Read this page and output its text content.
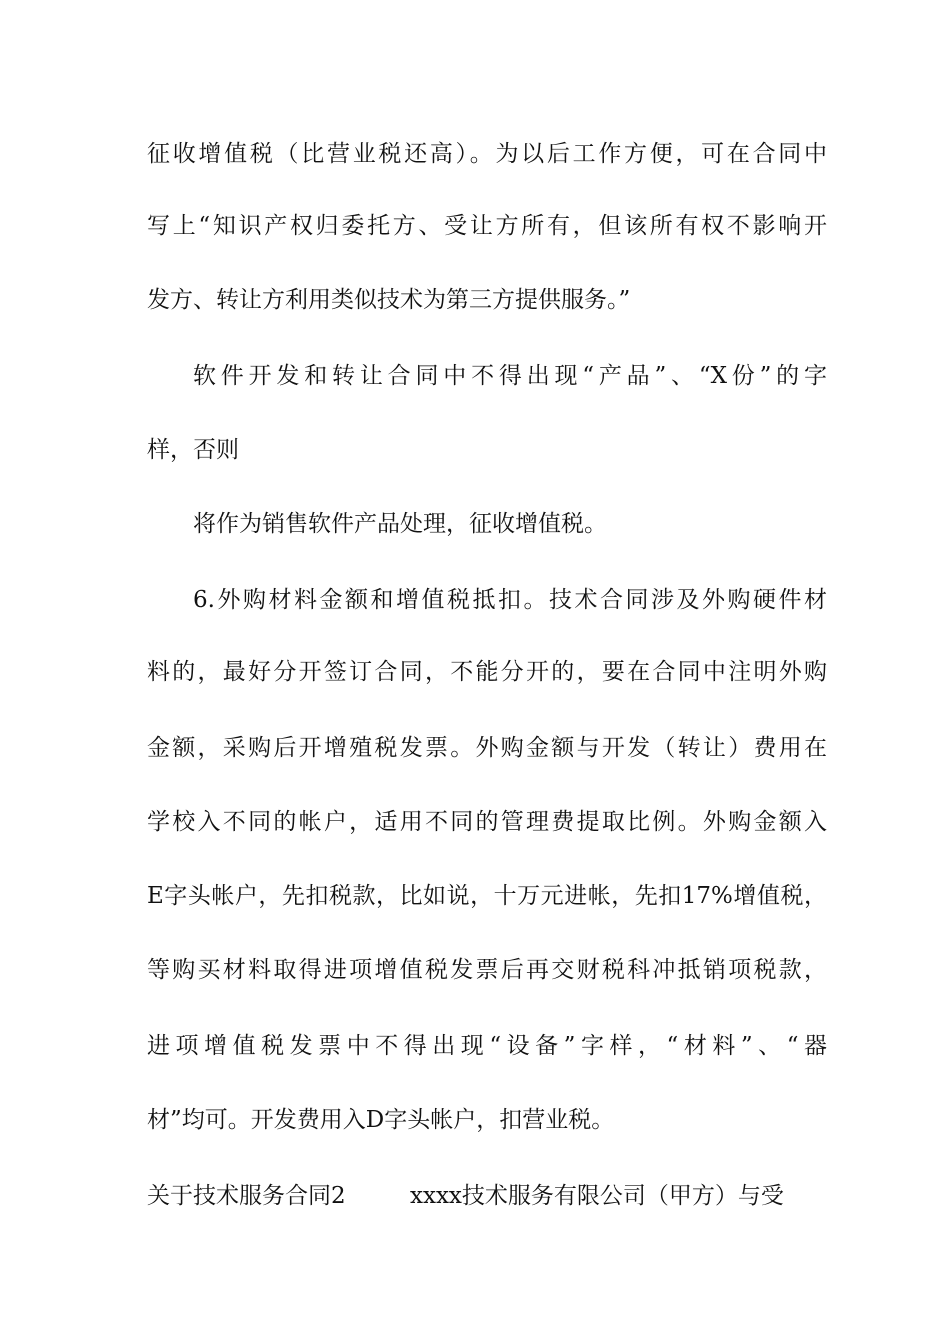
征收增值税（比营业税还高）。为以后工作方便，可在合同中
写上“知识产权归委托方、受让方所有，但该所有权不影响开
发方、转让方利用类似技术为第三方提供服务。”
软件开发和转让合同中不得出现“产品”、“X份”的字
样，否则
将作为销售软件产品处理，征收增值税。
6.外购材料金额和增值税抵扣。技术合同涉及外购硬件材
料的，最好分开签订合同，不能分开的，要在合同中注明外购
金额，采购后开增殖税发票。外购金额与开发（转让）费用在
学校入不同的帐户，适用不同的管理费提取比例。外购金额入
E字头帐户，先扣税款，比如说，十万元进帐，先扣17%增值税，
等购买材料取得进项增值税发票后再交财税科冲抵销项税款，
进项增值税发票中不得出现“设备”字样，“材料”、“器
材”均可。开发费用入D字头帐户，扣营业税。
关于技术服务合同2	xxxx技术服务有限公司（甲方）与受
